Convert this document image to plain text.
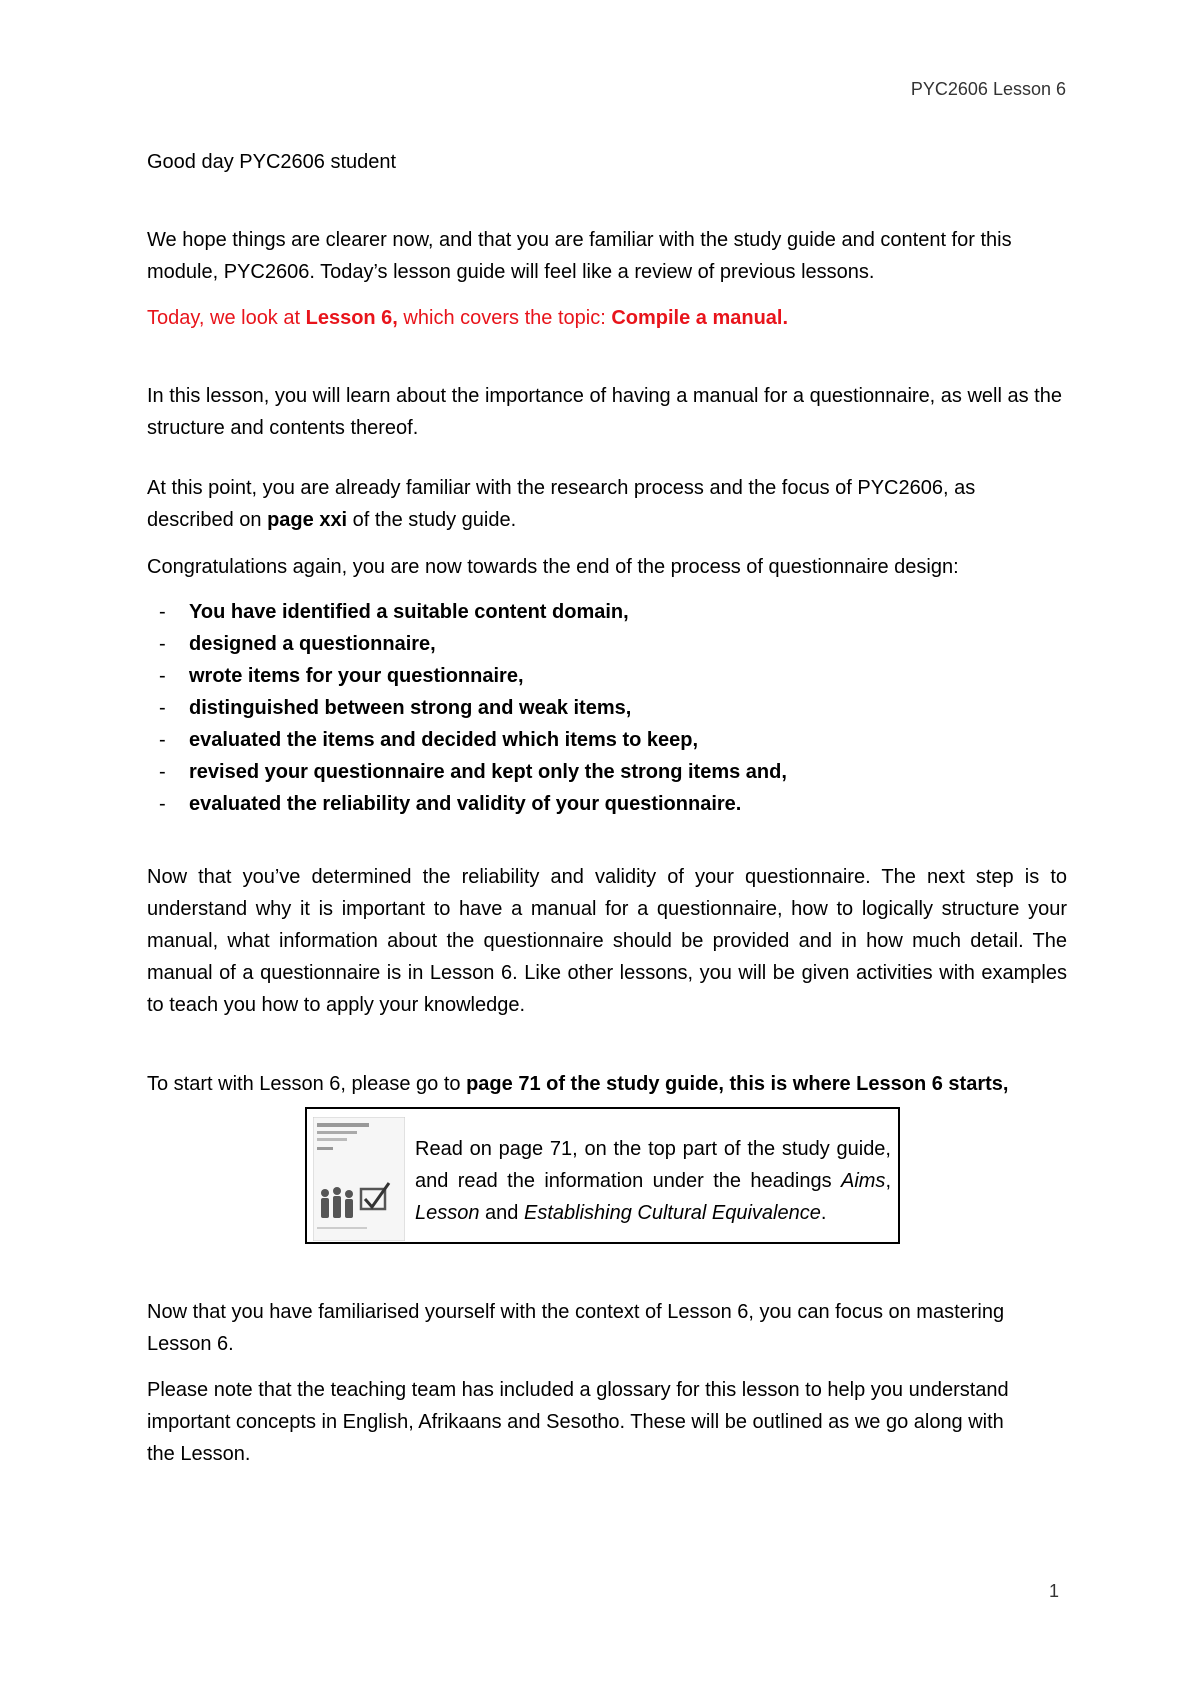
PYC2606 Lesson 6

Good day PYC2606 student

We hope things are clearer now, and that you are familiar with the study guide and content for this module, PYC2606. Today’s lesson guide will feel like a review of previous lessons.

Today, we look at Lesson 6, which covers the topic: Compile a manual.

In this lesson, you will learn about the importance of having a manual for a questionnaire, as well as the structure and contents thereof.

At this point, you are already familiar with the research process and the focus of PYC2606, as described on page xxi of the study guide.

Congratulations again, you are now towards the end of the process of questionnaire design:

- You have identified a suitable content domain,
- designed a questionnaire,
- wrote items for your questionnaire,
- distinguished between strong and weak items,
- evaluated the items and decided which items to keep,
- revised your questionnaire and kept only the strong items and,
- evaluated the reliability and validity of your questionnaire.

Now that you’ve determined the reliability and validity of your questionnaire. The next step is to understand why it is important to have a manual for a questionnaire, how to logically structure your manual, what information about the questionnaire should be provided and in how much detail. The manual of a questionnaire is in Lesson 6. Like other lessons, you will be given activities with examples to teach you how to apply your knowledge.

To start with Lesson 6, please go to page 71 of the study guide, this is where Lesson 6 starts,

Read on page 71, on the top part of the study guide, and read the information under the headings Aims, Lesson and Establishing Cultural Equivalence.

Now that you have familiarised yourself with the context of Lesson 6, you can focus on mastering Lesson 6.

Please note that the teaching team has included a glossary for this lesson to help you understand important concepts in English, Afrikaans and Sesotho. These will be outlined as we go along with the Lesson.

1
